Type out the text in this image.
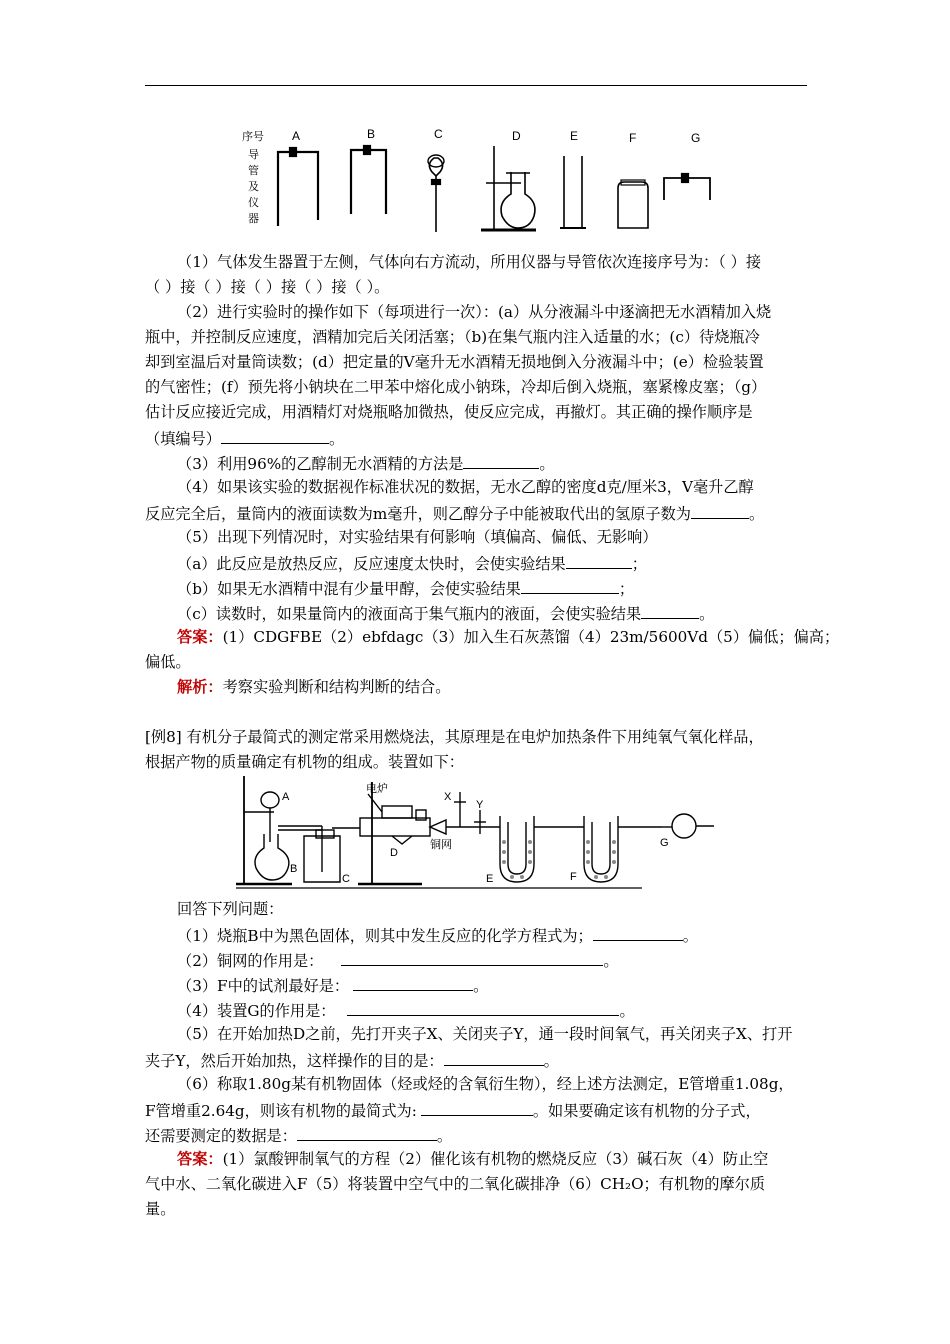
序号
导
管
及
仪
器
A	B	C	D	E	F	G
（1）气体发生器置于左侧，气体向右方流动，所用仪器与导管依次连接序号为：（ ）接
（ ）接（ ）接（ ）接（ ）接（ ）。
（2）进行实验时的操作如下（每项进行一次）：(a）从分液漏斗中逐滴把无水酒精加入烧
瓶中，并控制反应速度，酒精加完后关闭活塞；（b)在集气瓶内注入适量的水；(c）待烧瓶冷
却到室温后对量筒读数；(d）把定量的V毫升无水酒精无损地倒入分液漏斗中；(e）检验装置
的气密性；(f）预先将小钠块在二甲苯中熔化成小钠珠，冷却后倒入烧瓶，塞紧橡皮塞；（g）
估计反应接近完成，用酒精灯对烧瓶略加微热，使反应完成，再撤灯。其正确的操作顺序是
（填编号）	。
（3）利用96%的乙醇制无水酒精的方法是	。
（4）如果该实验的数据视作标准状况的数据，无水乙醇的密度d克/厘米3，V毫升乙醇
反应完全后，量筒内的液面读数为m毫升，则乙醇分子中能被取代出的氢原子数为	。
（5）出现下列情况时，对实验结果有何影响（填偏高、偏低、无影响）
（a）此反应是放热反应，反应速度太快时，会使实验结果	；
（b）如果无水酒精中混有少量甲醇，会使实验结果	；
（c）读数时，如果量筒内的液面高于集气瓶内的液面，会使实验结果	。
答案：(1）CDGFBE（2）ebfdagc（3）加入生石灰蒸馏（4）23m/5600Vd（5）偏低；偏高；
偏低。
解析：考察实验判断和结构判断的结合。
[例8] 有机分子最简式的测定常采用燃烧法，其原理是在电炉加热条件下用纯氧气氧化样品，
根据产物的质量确定有机物的组成。装置如下：
A
B
C
D
E	F
G
X
Y
电炉
铜网
回答下列问题：
（1）烧瓶B中为黑色固体，则其中发生反应的化学方程式为；	。
（2）铜网的作用是：	。
（3）F中的试剂最好是：	。
（4）装置G的作用是：	。
（5）在开始加热D之前，先打开夹子X、关闭夹子Y，通一段时间氧气，再关闭夹子X、打开
夹子Y，然后开始加热，这样操作的目的是：	。
（6）称取1.80g某有机物固体（烃或烃的含氧衍生物），经上述方法测定，E管增重1.08g，
F管增重2.64g，则该有机物的最简式为:	。如果要确定该有机物的分子式，
还需要测定的数据是：	。
答案：(1）氯酸钾制氧气的方程（2）催化该有机物的燃烧反应（3）碱石灰（4）防止空
气中水、二氧化碳进入F（5）将装置中空气中的二氧化碳排净（6）CH₂O；有机物的摩尔质
量。
